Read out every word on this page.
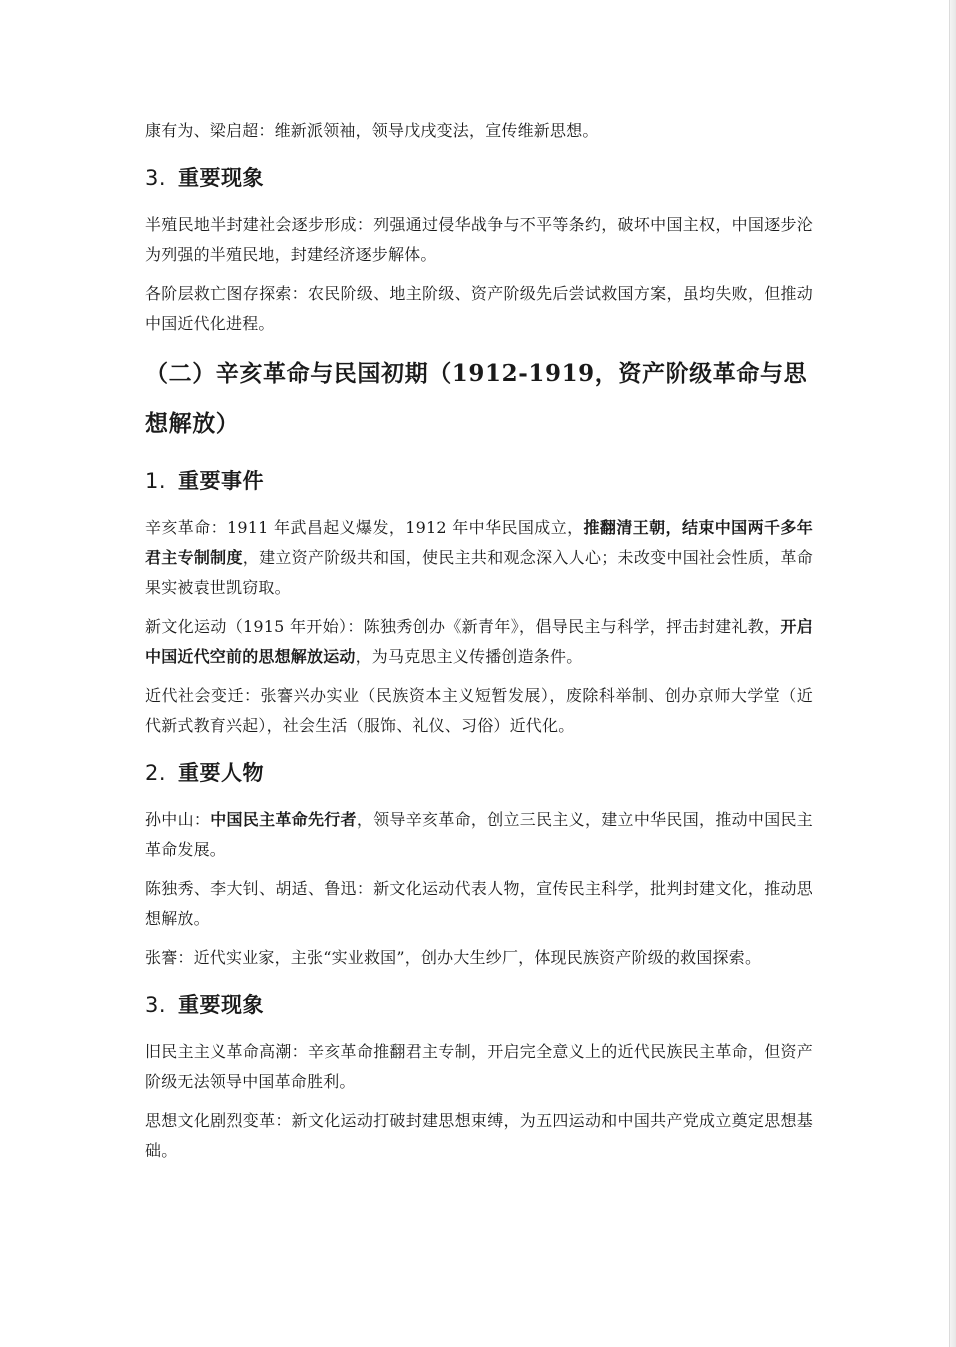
康有为、梁启超：维新派领袖，领导戊戌变法，宣传维新思想。

3. 重要现象

半殖民地半封建社会逐步形成：列强通过侵华战争与不平等条约，破坏中国主权，中国逐步沦为列强的半殖民地，封建经济逐步解体。

各阶层救亡图存探索：农民阶级、地主阶级、资产阶级先后尝试救国方案，虽均失败，但推动中国近代化进程。

（二）辛亥革命与民国初期（1912-1919，资产阶级革命与思想解放）
1. 重要事件

辛亥革命：1911 年武昌起义爆发，1912 年中华民国成立，推翻清王朝，结束中国两千多年君主专制制度，建立资产阶级共和国，使民主共和观念深入人心；未改变中国社会性质，革命果实被袁世凯窃取。

新文化运动（1915 年开始）：陈独秀创办《新青年》，倡导民主与科学，抨击封建礼教，开启中国近代空前的思想解放运动，为马克思主义传播创造条件。

近代社会变迁：张謇兴办实业（民族资本主义短暂发展），废除科举制、创办京师大学堂（近代新式教育兴起），社会生活（服饰、礼仪、习俗）近代化。

2. 重要人物

孙中山：中国民主革命先行者，领导辛亥革命，创立三民主义，建立中华民国，推动中国民主革命发展。

陈独秀、李大钊、胡适、鲁迅：新文化运动代表人物，宣传民主科学，批判封建文化，推动思想解放。

张謇：近代实业家，主张“实业救国”，创办大生纱厂，体现民族资产阶级的救国探索。

3. 重要现象

旧民主主义革命高潮：辛亥革命推翻君主专制，开启完全意义上的近代民族民主革命，但资产阶级无法领导中国革命胜利。

思想文化剧烈变革：新文化运动打破封建思想束缚，为五四运动和中国共产党成立奠定思想基础。
